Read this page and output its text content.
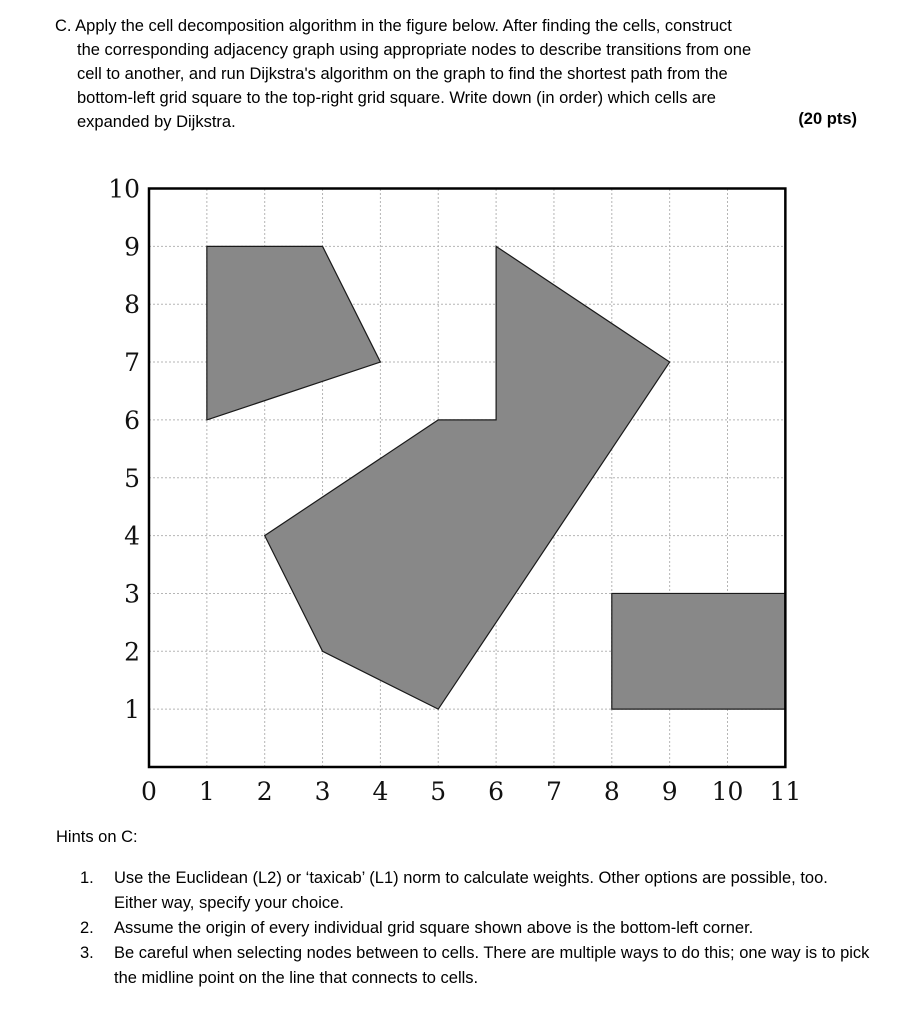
C. Apply the cell decomposition algorithm in the figure below. After finding the cells, construct
the corresponding adjacency graph using appropriate nodes to describe transitions from one
cell to another, and run Dijkstra's algorithm on the graph to find the shortest path from the
bottom-left grid square to the top-right grid square. Write down (in order) which cells are
expanded by Dijkstra.	(20 pts)
0 1 2 3 4 5 6 7 8 9 10 11
1
2
3
4
5
6
7
8
9
10
Hints on C:
1. Use the Euclidean (L2) or ‘taxicab’ (L1) norm to calculate weights. Other options are possible, too. Either way, specify your choice.
2. Assume the origin of every individual grid square shown above is the bottom-left corner.
3. Be careful when selecting nodes between to cells. There are multiple ways to do this; one way is to pick the midline point on the line that connects to cells.
